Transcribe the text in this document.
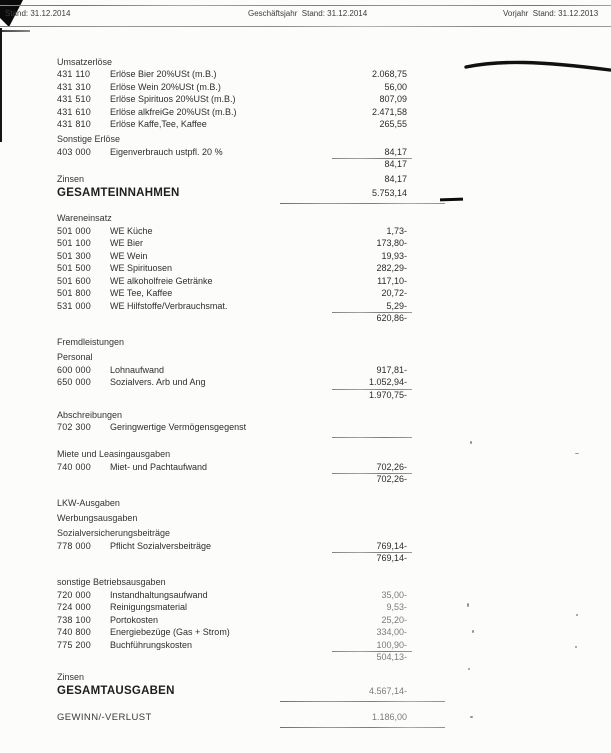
Stand: 31.12.2014	Geschäftsjahr  Stand: 31.12.2014	Vorjahr  Stand: 31.12.2013
Umsatzerlöse
431 110 Erlöse Bier 20%USt (m.B.)	2.068,75
431 310 Erlöse Wein 20%USt (m.B.)	56,00
431 510 Erlöse Spirituos 20%USt (m.B.)	807,09
431 610 Erlöse alkfreiGe 20%USt (m.B.)	2.471,58
431 810 Erlöse Kaffe,Tee, Kaffee	265,55
Sonstige Erlöse
403 000 Eigenverbrauch ustpfl. 20 %	84,17
84,17
Zinsen	84,17
GESAMTEINNAHMEN	5.753,14
Wareneinsatz
501 000 WE Küche	1,73-
501 100 WE Bier	173,80-
501 300 WE Wein	19,93-
501 500 WE Spirituosen	282,29-
501 600 WE alkoholfreie Getränke	117,10-
501 800 WE Tee, Kaffee	20,72-
531 000 WE Hilfstoffe/Verbrauchsmat.	5,29-
620,86-
Fremdleistungen
Personal
600 000 Lohnaufwand	917,81-
650 000 Sozialvers. Arb und Ang	1.052,94-
1.970,75-
Abschreibungen
702 300 Geringwertige Vermögensgegenst
Miete und Leasingausgaben
740 000 Miet- und Pachtaufwand	702,26-
702,26-
LKW-Ausgaben
Werbungsausgaben
Sozialversicherungsbeiträge
778 000 Pflicht Sozialversbeiträge	769,14-
769,14-
sonstige Betriebsausgaben
720 000 Instandhaltungsaufwand	35,00-
724 000 Reinigungsmaterial	9,53-
738 100 Portokosten	25,20-
740 800 Energiebezüge (Gas + Strom)	334,00-
775 200 Buchführungskosten	100,90-
504,13-
Zinsen
GESAMTAUSGABEN	4.567,14-
GEWINN/-VERLUST	1.186,00
